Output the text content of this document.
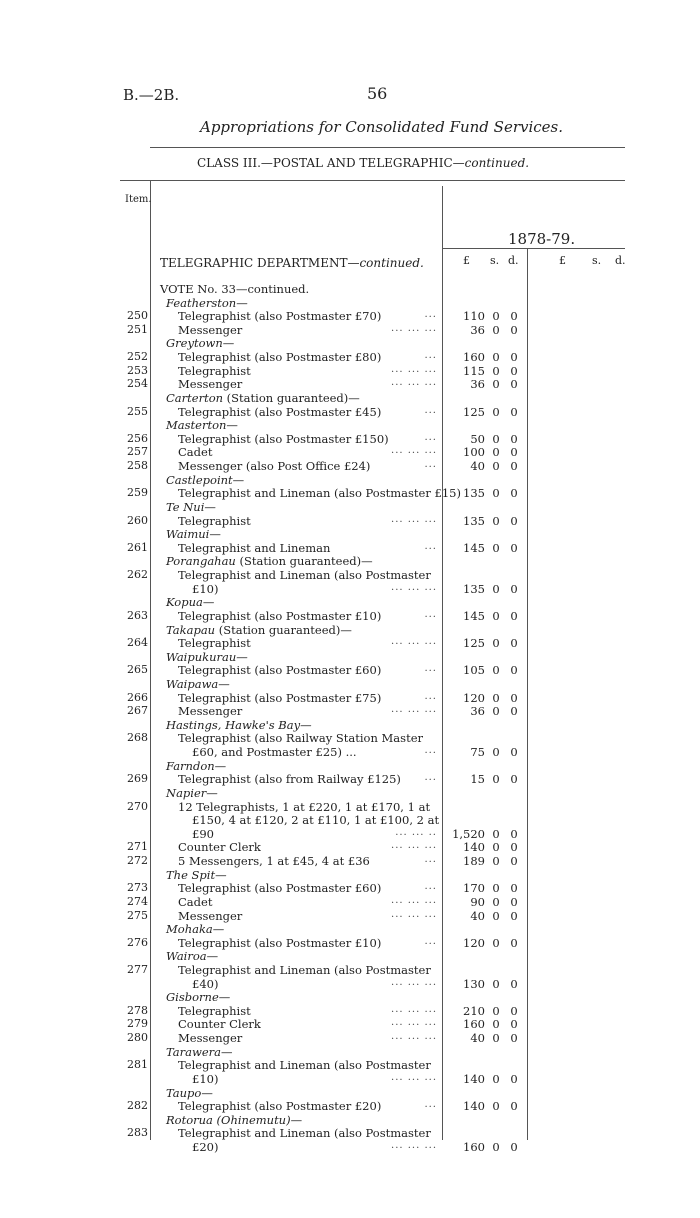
B.—2B.	56
Appropriations for Consolidated Fund Services.
CLASS III.—POSTAL AND TELEGRAPHIC—continued.
Item.
1878-79.
£ s. d.	£ s. d.
TELEGRAPHIC DEPARTMENT—continued.
VOTE No. 33—continued.
Featherston—
250	Telegraphist (also Postmaster £70)	...	110 0 0
251	Messenger	... ... ...	36 0 0
Greytown—
252	Telegraphist (also Postmaster £80)	...	160 0 0
253	Telegraphist	... ... ...	115 0 0
254	Messenger	... ... ...	36 0 0
Carterton (Station guaranteed)—
255	Telegraphist (also Postmaster £45)	...	125 0 0
Masterton—
256	Telegraphist (also Postmaster £150)	...	50 0 0
257	Cadet	... ... ...	100 0 0
258	Messenger (also Post Office £24)	...	40 0 0
Castlepoint—
259	Telegraphist and Lineman (also Postmaster £15) 135 0 0
Te Nui—
260	Telegraphist	... ... ...	135 0 0
Waimui—
261	Telegraphist and Lineman	...	145 0 0
Porangahau (Station guaranteed)—
262	Telegraphist and Lineman (also Postmaster
£10)	... ... ...	135 0 0
Kopua—
263	Telegraphist (also Postmaster £10)	...	145 0 0
Takapau (Station guaranteed)—
264	Telegraphist	... ... ...	125 0 0
Waipukurau—
265	Telegraphist (also Postmaster £60)	...	105 0 0
Waipawa—
266	Telegraphist (also Postmaster £75)	...	120 0 0
267	Messenger	... ... ...	36 0 0
Hastings, Hawke's Bay—
268	Telegraphist (also Railway Station Master
£60, and Postmaster £25) ...	...	75 0 0
Farndon—
269	Telegraphist (also from Railway £125)	...	15 0 0
Napier—
270	12 Telegraphists, 1 at £220, 1 at £170, 1 at
£150, 4 at £120, 2 at £110, 1 at £100, 2 at
£90	... ... ..	1,520 0 0
271	Counter Clerk	... ... ...	140 0 0
272	5 Messengers, 1 at £45, 4 at £36	...	189 0 0
The Spit—
273	Telegraphist (also Postmaster £60)	...	170 0 0
274	Cadet	... ... ...	90 0 0
275	Messenger	... ... ...	40 0 0
Mohaka—
276	Telegraphist (also Postmaster £10)	...	120 0 0
Wairoa—
277	Telegraphist and Lineman (also Postmaster
£40)	... ... ...	130 0 0
Gisborne—
278	Telegraphist	... ... ...	210 0 0
279	Counter Clerk	... ... ...	160 0 0
280	Messenger	... ... ...	40 0 0
Tarawera—
281	Telegraphist and Lineman (also Postmaster
£10)	... ... ...	140 0 0
Taupo—
282	Telegraphist (also Postmaster £20)	...	140 0 0
Rotorua (Ohinemutu)—
283	Telegraphist and Lineman (also Postmaster
£20)	... ... ...	160 0 0
